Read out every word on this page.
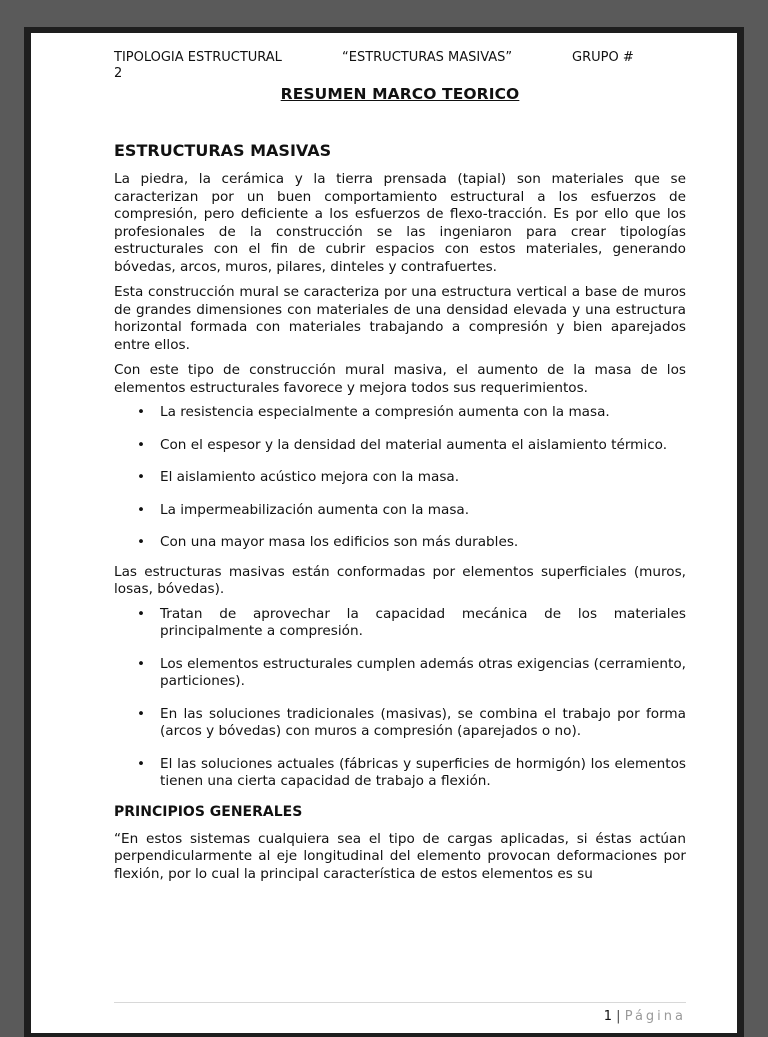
TIPOLOGIA ESTRUCTURAL	“ESTRUCTURAS MASIVAS”	GRUPO #
2
RESUMEN MARCO TEORICO
ESTRUCTURAS MASIVAS

La piedra, la cerámica y la tierra prensada (tapial) son materiales que se caracterizan por un buen comportamiento estructural a los esfuerzos de compresión, pero deficiente a los esfuerzos de flexo-tracción. Es por ello que los profesionales de la construcción se las ingeniaron para crear tipologías estructurales con el fin de cubrir espacios con estos materiales, generando bóvedas, arcos, muros, pilares, dinteles y contrafuertes.

Esta construcción mural se caracteriza por una estructura vertical a base de muros de grandes dimensiones con materiales de una densidad elevada y una estructura horizontal formada con materiales trabajando a compresión y bien aparejados entre ellos.

Con este tipo de construcción mural masiva, el aumento de la masa de los elementos estructurales favorece y mejora todos sus requerimientos.

• La resistencia especialmente a compresión aumenta con la masa.
• Con el espesor y la densidad del material aumenta el aislamiento térmico.
• El aislamiento acústico mejora con la masa.
• La impermeabilización aumenta con la masa.
• Con una mayor masa los edificios son más durables.

Las estructuras masivas están conformadas por elementos superficiales (muros, losas, bóvedas).

• Tratan de aprovechar la capacidad mecánica de los materiales principalmente a compresión.
• Los elementos estructurales cumplen además otras exigencias (cerramiento, particiones).
• En las soluciones tradicionales (masivas), se combina el trabajo por forma (arcos y bóvedas) con muros a compresión (aparejados o no).
• El las soluciones actuales (fábricas y superficies de hormigón) los elementos tienen una cierta capacidad de trabajo a flexión.
PRINCIPIOS GENERALES

“En estos sistemas cualquiera sea el tipo de cargas aplicadas, si éstas actúan perpendicularmente al eje longitudinal del elemento provocan deformaciones por flexión, por lo cual la principal característica de estos elementos es su

1 | Página
